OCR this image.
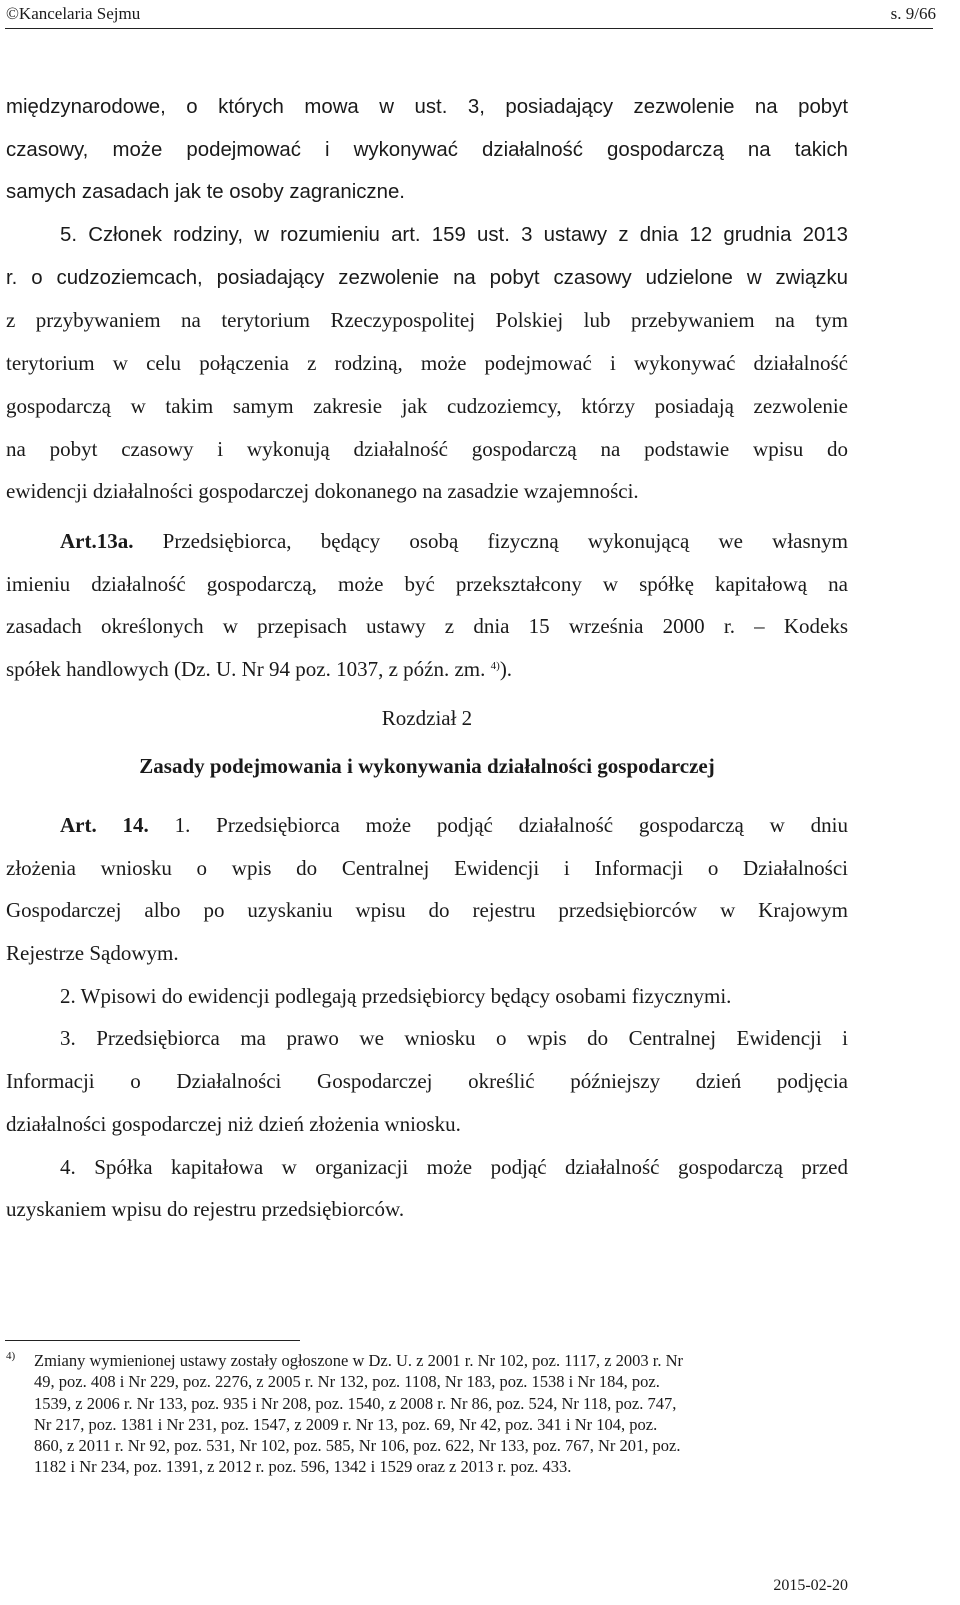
©Kancelaria Sejmu	s. 9/66
międzynarodowe, o których mowa w ust. 3, posiadający zezwolenie na pobyt
czasowy, może podejmować i wykonywać działalność gospodarczą na takich
samych zasadach jak te osoby zagraniczne.
5. Członek rodziny, w rozumieniu art. 159 ust. 3 ustawy z dnia 12 grudnia 2013
r. o cudzoziemcach, posiadający zezwolenie na pobyt czasowy udzielone w związku
z przybywaniem na terytorium Rzeczypospolitej Polskiej lub przebywaniem na tym
terytorium w celu połączenia z rodziną, może podejmować i wykonywać działalność
gospodarczą w takim samym zakresie jak cudzoziemcy, którzy posiadają zezwolenie
na pobyt czasowy i wykonują działalność gospodarczą na podstawie wpisu do
ewidencji działalności gospodarczej dokonanego na zasadzie wzajemności.
Art.13a. Przedsiębiorca, będący osobą fizyczną wykonującą we własnym
imieniu działalność gospodarczą, może być przekształcony w spółkę kapitałową na
zasadach określonych w przepisach ustawy z dnia 15 września 2000 r. – Kodeks
spółek handlowych (Dz. U. Nr 94 poz. 1037, z późn. zm. $^{4)}$).
Rozdział 2
Zasady podejmowania i wykonywania działalności gospodarczej
Art. 14. 1. Przedsiębiorca może podjąć działalność gospodarczą w dniu
złożenia wniosku o wpis do Centralnej Ewidencji i Informacji o Działalności
Gospodarczej albo po uzyskaniu wpisu do rejestru przedsiębiorców w Krajowym
Rejestrze Sądowym.
2. Wpisowi do ewidencji podlegają przedsiębiorcy będący osobami fizycznymi.
3. Przedsiębiorca ma prawo we wniosku o wpis do Centralnej Ewidencji i
Informacji o Działalności Gospodarczej określić późniejszy dzień podjęcia
działalności gospodarczej niż dzień złożenia wniosku.
4. Spółka kapitałowa w organizacji może podjąć działalność gospodarczą przed
uzyskaniem wpisu do rejestru przedsiębiorców.
4) Zmiany wymienionej ustawy zostały ogłoszone w Dz. U. z 2001 r. Nr 102, poz. 1117, z 2003 r. Nr
49, poz. 408 i Nr 229, poz. 2276, z 2005 r. Nr 132, poz. 1108, Nr 183, poz. 1538 i Nr 184, poz.
1539, z 2006 r. Nr 133, poz. 935 i Nr 208, poz. 1540, z 2008 r. Nr 86, poz. 524, Nr 118, poz. 747,
Nr 217, poz. 1381 i Nr 231, poz. 1547, z 2009 r. Nr 13, poz. 69, Nr 42, poz. 341 i Nr 104, poz.
860, z 2011 r. Nr 92, poz. 531, Nr 102, poz. 585, Nr 106, poz. 622, Nr 133, poz. 767, Nr 201, poz.
1182 i Nr 234, poz. 1391, z 2012 r. poz. 596, 1342 i 1529 oraz z 2013 r. poz. 433.
2015-02-20
